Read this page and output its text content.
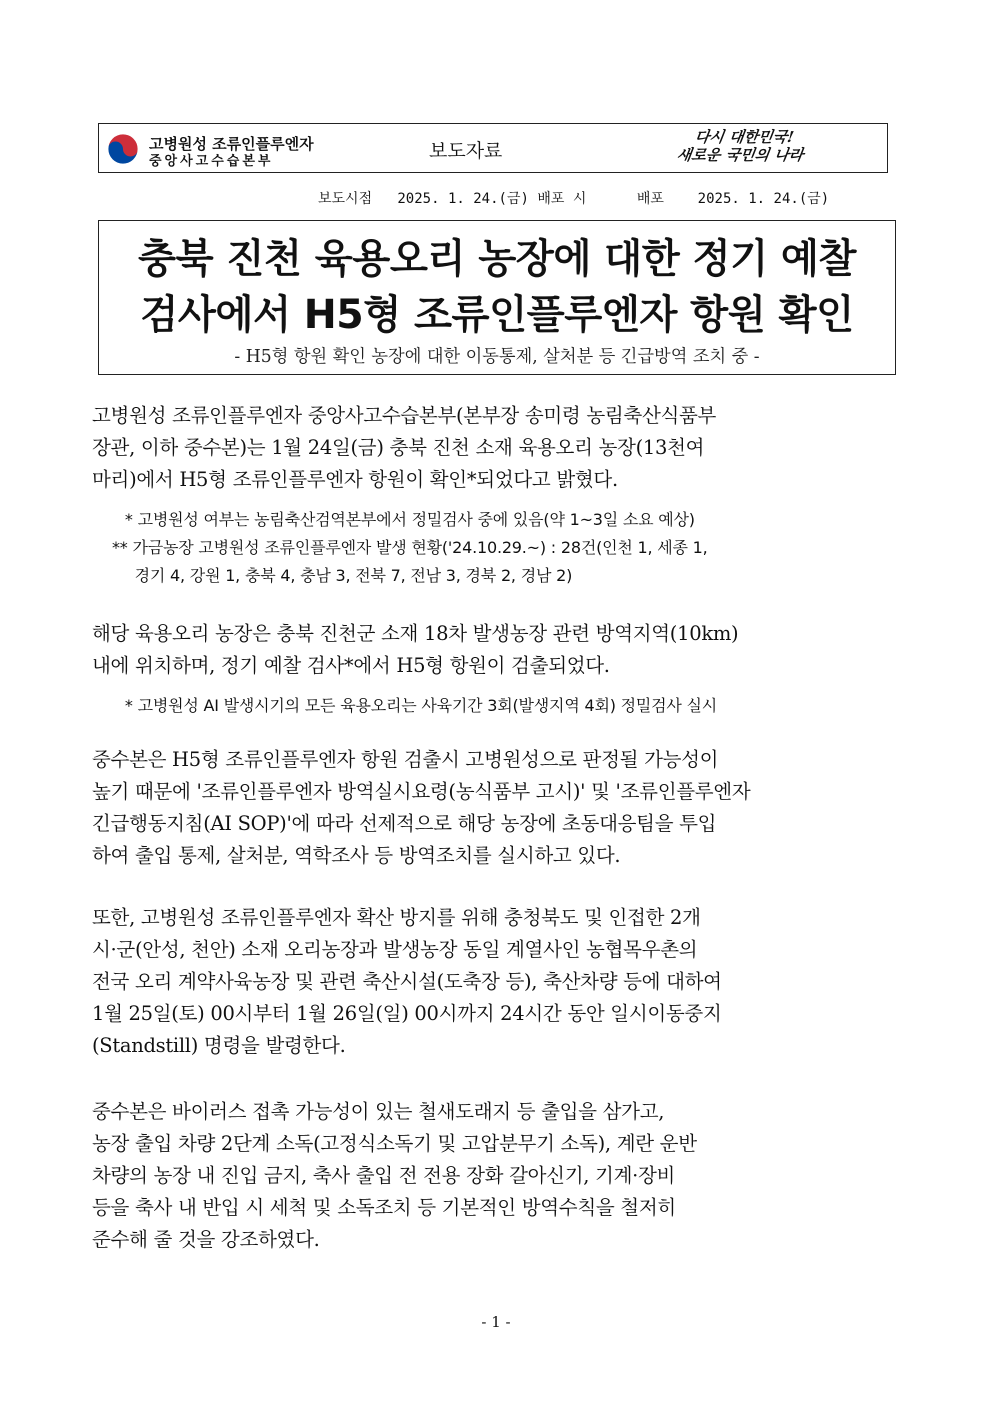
고병원성 조류인플루엔자
중앙사고수습본부	보도자료
다시 대한민국!
새로운 국민의 나라
보도시점   2025. 1. 24.(금) 배포 시      배포    2025. 1. 24.(금)
충북 진천 육용오리 농장에 대한 정기 예찰
검사에서 H5형 조류인플루엔자 항원 확인
- H5형 항원 확인 농장에 대한 이동통제, 살처분 등 긴급방역 조치 중 -
고병원성 조류인플루엔자 중앙사고수습본부(본부장 송미령 농림축산식품부
장관, 이하 중수본)는 1월 24일(금) 충북 진천 소재 육용오리 농장(13천여
마리)에서 H5형 조류인플루엔자 항원이 확인*되었다고 밝혔다.
* 고병원성 여부는 농림축산검역본부에서 정밀검사 중에 있음(약 1~3일 소요 예상)
** 가금농장 고병원성 조류인플루엔자 발생 현황('24.10.29.~) : 28건(인천 1, 세종 1,
경기 4, 강원 1, 충북 4, 충남 3, 전북 7, 전남 3, 경북 2, 경남 2)
해당 육용오리 농장은 충북 진천군 소재 18차 발생농장 관련 방역지역(10km)
내에 위치하며, 정기 예찰 검사*에서 H5형 항원이 검출되었다.
* 고병원성 AI 발생시기의 모든 육용오리는 사육기간 3회(발생지역 4회) 정밀검사 실시
중수본은 H5형 조류인플루엔자 항원 검출시 고병원성으로 판정될 가능성이
높기 때문에 '조류인플루엔자 방역실시요령(농식품부 고시)' 및 '조류인플루엔자
긴급행동지침(AI SOP)'에 따라 선제적으로 해당 농장에 초동대응팀을 투입
하여 출입 통제, 살처분, 역학조사 등 방역조치를 실시하고 있다.
또한, 고병원성 조류인플루엔자 확산 방지를 위해 충청북도 및 인접한 2개
시·군(안성, 천안) 소재 오리농장과 발생농장 동일 계열사인 농협목우촌의
전국 오리 계약사육농장 및 관련 축산시설(도축장 등), 축산차량 등에 대하여
1월 25일(토) 00시부터 1월 26일(일) 00시까지 24시간 동안 일시이동중지
(Standstill) 명령을 발령한다.
중수본은 바이러스 접촉 가능성이 있는 철새도래지 등 출입을 삼가고,
농장 출입 차량 2단계 소독(고정식소독기 및 고압분무기 소독), 계란 운반
차량의 농장 내 진입 금지, 축사 출입 전 전용 장화 갈아신기, 기계·장비
등을 축사 내 반입 시 세척 및 소독조치 등 기본적인 방역수칙을 철저히
준수해 줄 것을 강조하였다.
- 1 -
